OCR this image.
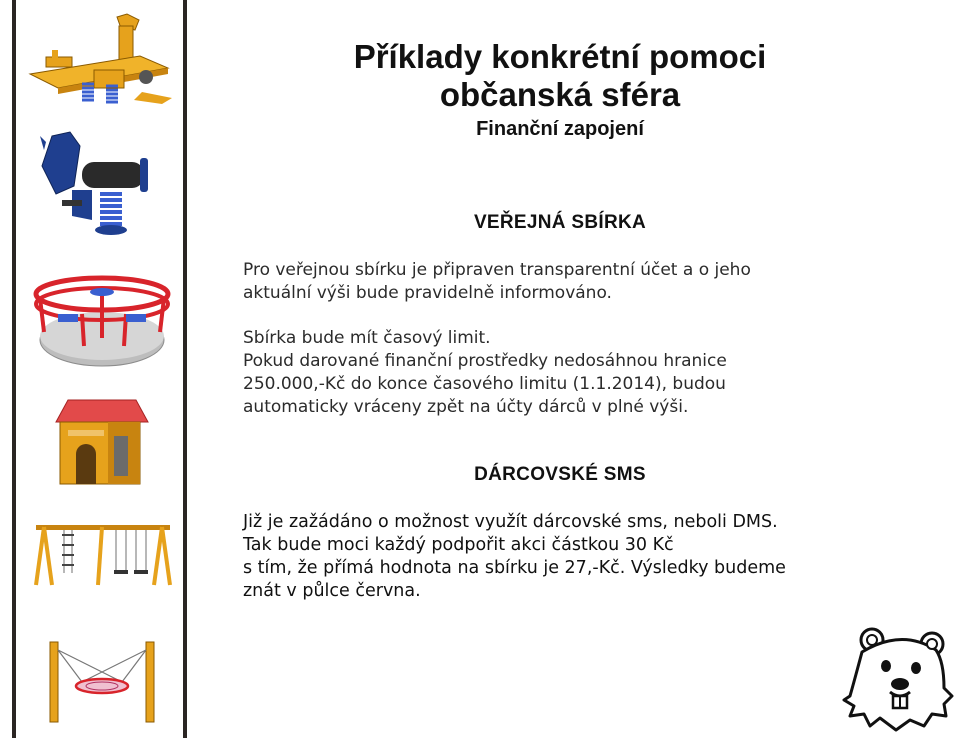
Příklady konkrétní pomoci
občanská sféra
Finanční zapojení
VEŘEJNÁ SBÍRKA
Pro veřejnou sbírku je připraven transparentní účet a o jeho
aktuální výši bude pravidelně informováno.
Sbírka bude mít časový limit.
Pokud darované finanční prostředky nedosáhnou hranice
250.000,-Kč do konce časového limitu (1.1.2014), budou
automaticky vráceny zpět na účty dárců v plné výši.
DÁRCOVSKÉ SMS
Již je zažádáno o možnost využít dárcovské sms, neboli DMS.
Tak bude moci každý podpořit akci částkou 30 Kč
s tím, že přímá hodnota na sbírku je 27,-Kč. Výsledky budeme
znát v půlce června.
